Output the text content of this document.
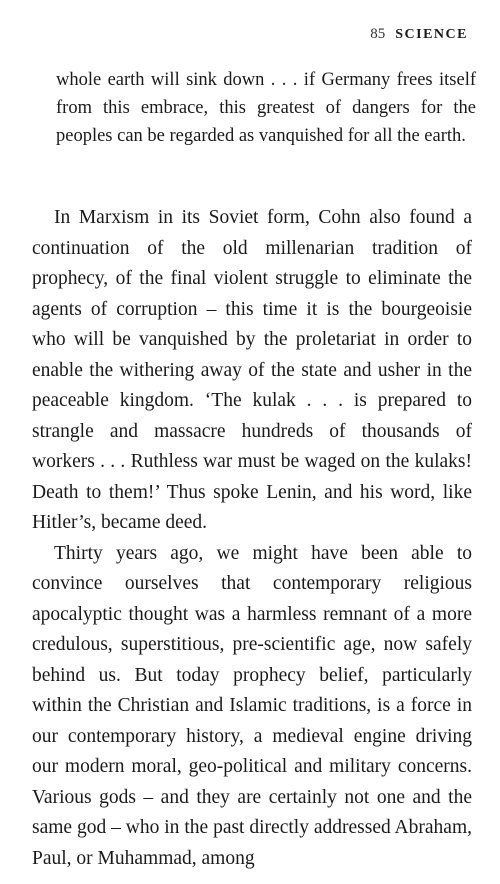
85 SCIENCE
whole earth will sink down . . . if Germany frees itself from this embrace, this greatest of dangers for the peoples can be regarded as vanquished for all the earth.

In Marxism in its Soviet form, Cohn also found a continuation of the old millenarian tradition of prophecy, of the final violent struggle to eliminate the agents of corruption – this time it is the bourgeoisie who will be vanquished by the proletariat in order to enable the withering away of the state and usher in the peaceable kingdom. ‘The kulak . . . is prepared to strangle and massacre hundreds of thousands of workers . . . Ruthless war must be waged on the kulaks! Death to them!’ Thus spoke Lenin, and his word, like Hitler’s, became deed.

Thirty years ago, we might have been able to convince ourselves that contemporary religious apocalyptic thought was a harmless remnant of a more credulous, superstitious, pre-scientific age, now safely behind us. But today prophecy belief, particularly within the Christian and Islamic traditions, is a force in our contemporary history, a medieval engine driving our modern moral, geo-political and military concerns. Various gods – and they are certainly not one and the same god – who in the past directly addressed Abraham, Paul, or Muhammad, among
